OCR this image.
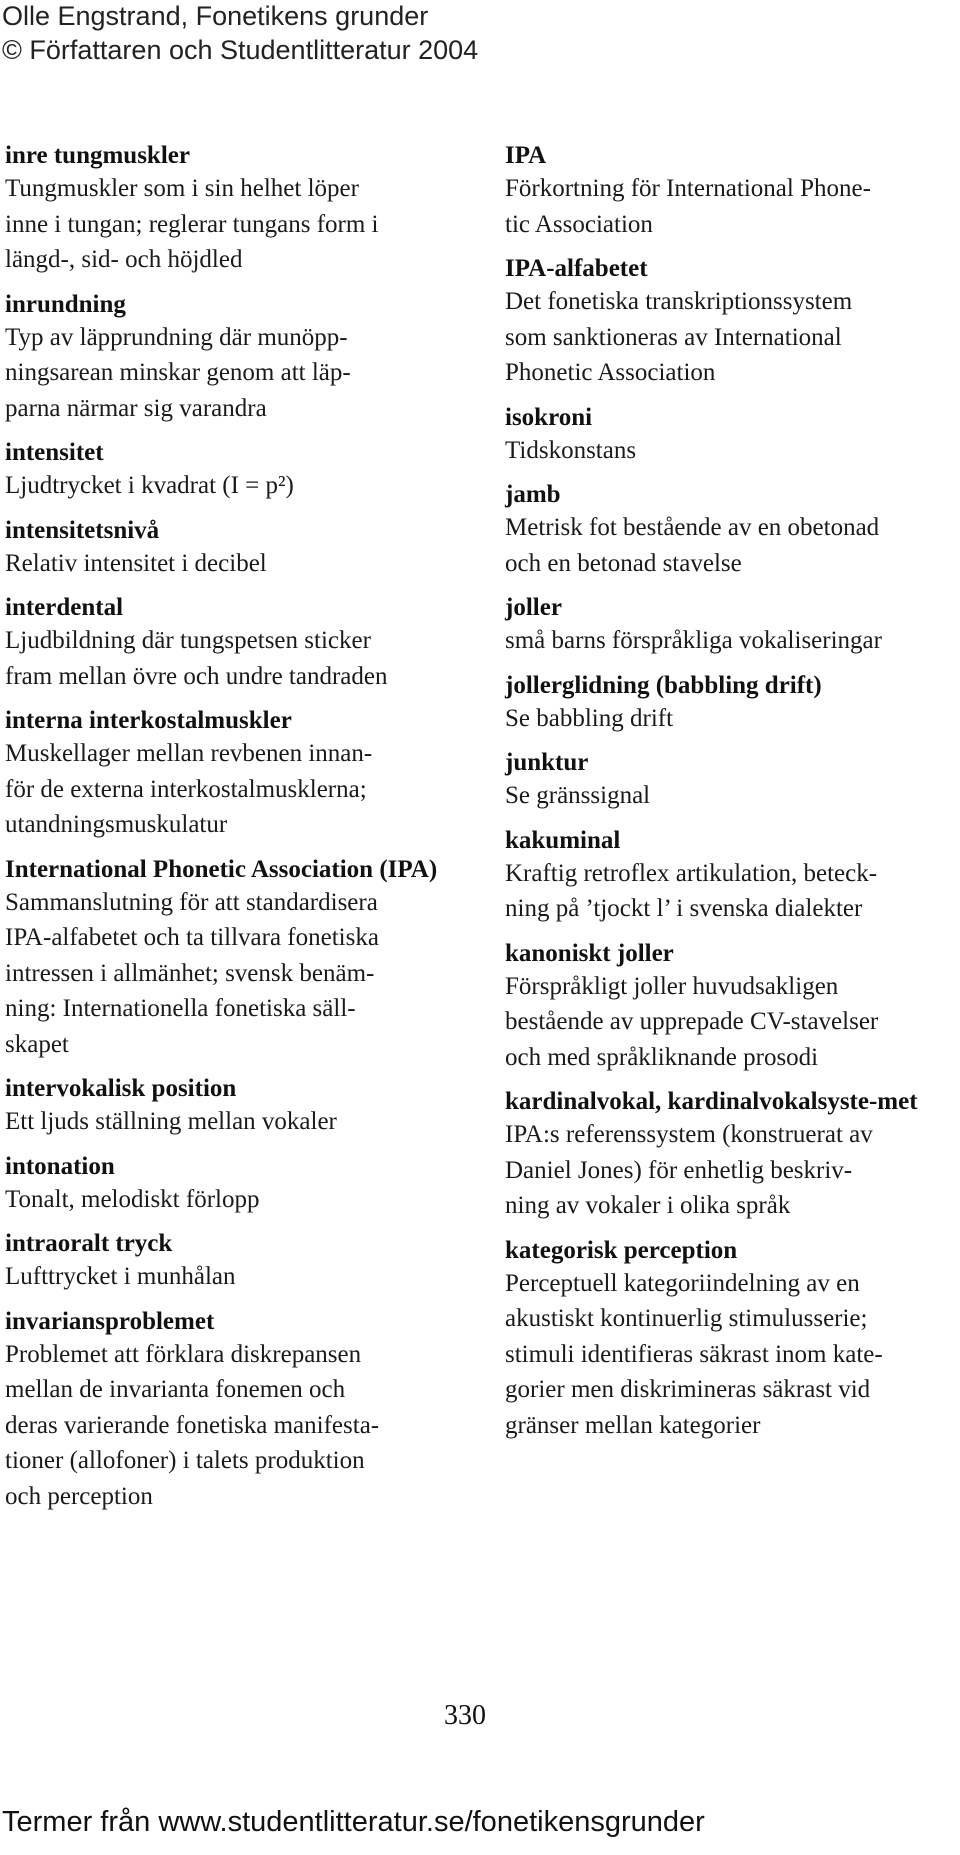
Olle Engstrand, Fonetikens grunder
© Författaren och Studentlitteratur 2004
inre tungmuskler
Tungmuskler som i sin helhet löper
inne i tungan; reglerar tungans form i
längd-, sid- och höjdled
inrundning
Typ av läpprundning där munöpp-
ningsarean minskar genom att läp-
parna närmar sig varandra
intensitet
Ljudtrycket i kvadrat (I = p²)
intensitetsnivå
Relativ intensitet i decibel
interdental
Ljudbildning där tungspetsen sticker
fram mellan övre och undre tandraden
interna interkostalmuskler
Muskellager mellan revbenen innan-
för de externa interkostalmusklerna;
utandningsmuskulatur
International Phonetic Association (IPA)
Sammanslutning för att standardisera
IPA-alfabetet och ta tillvara fonetiska
intressen i allmänhet; svensk benäm-
ning: Internationella fonetiska säll-
skapet
intervokalisk position
Ett ljuds ställning mellan vokaler
intonation
Tonalt, melodiskt förlopp
intraoralt tryck
Lufttrycket i munhålan
invariansproblemet
Problemet att förklara diskrepansen
mellan de invarianta fonemen och
deras varierande fonetiska manifesta-
tioner (allofoner) i talets produktion
och perception
IPA
Förkortning för International Phone-
tic Association
IPA-alfabetet
Det fonetiska transkriptionssystem
som sanktioneras av International
Phonetic Association
isokroni
Tidskonstans
jamb
Metrisk fot bestående av en obetonad
och en betonad stavelse
joller
små barns förspråkliga vokaliseringar
jollerglidning (babbling drift)
Se babbling drift
junktur
Se gränssignal
kakuminal
Kraftig retroflex artikulation, beteck-
ning på ’tjockt l’ i svenska dialekter
kanoniskt joller
Förspråkligt joller huvudsakligen
bestående av upprepade CV-stavelser
och med språkliknande prosodi
kardinalvokal, kardinalvokalsyste-met
IPA:s referenssystem (konstruerat av
Daniel Jones) för enhetlig beskriv-
ning av vokaler i olika språk
kategorisk perception
Perceptuell kategoriindelning av en
akustiskt kontinuerlig stimulusserie;
stimuli identifieras säkrast inom kate-
gorier men diskrimineras säkrast vid
gränser mellan kategorier
330
Termer från www.studentlitteratur.se/fonetikensgrunder
